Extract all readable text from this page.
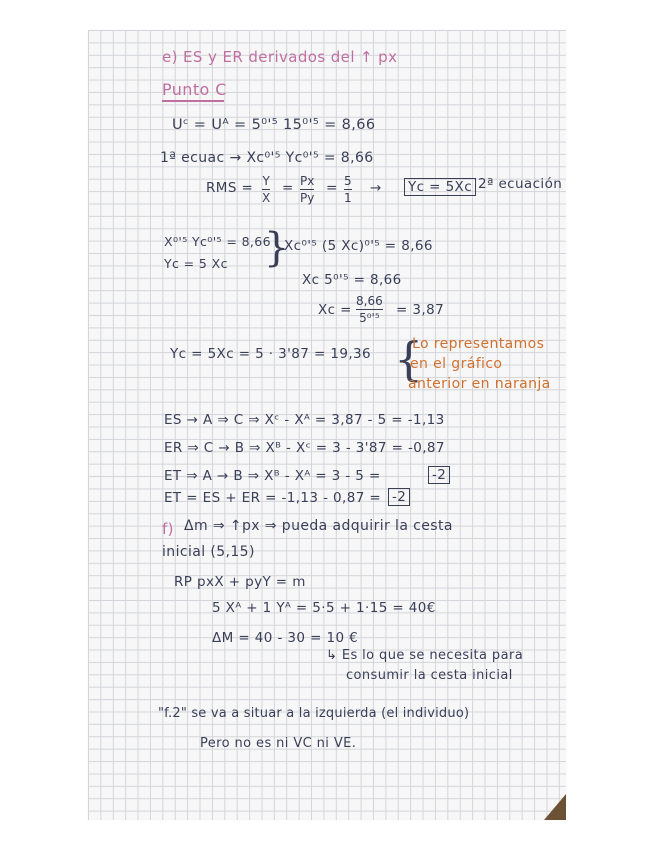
e) ES y ER derivados del ↑ px
Punto C
Uᶜ = Uᴬ = 5⁰'⁵ 15⁰'⁵ = 8,66
1ª ecuac → Xc⁰'⁵ Yc⁰'⁵ = 8,66
RMS = Y
X
= Px
Py
= 5
1
→ Yc = 5Xc 2ª ecuación
X⁰'⁵ Yc⁰'⁵ = 8,66
Yc = 5 Xc }
Xc⁰'⁵ (5 Xc)⁰'⁵ = 8,66
Xc 5⁰'⁵ = 8,66
Xc =
8,66
5⁰'⁵ = 3,87
Yc = 5Xc = 5 · 3'87 = 19,36 {
Lo representamos
en el gráfico
anterior en naranja
ES → A ⇒ C ⇒ Xᶜ - Xᴬ = 3,87 - 5 = -1,13
ER ⇒ C → B ⇒ Xᴮ - Xᶜ = 3 - 3'87 = -0,87
ET ⇒ A → B ⇒ Xᴮ - Xᴬ = 3 - 5 =	-2
ET = ES + ER = -1,13 - 0,87 = -2
f) Δm ⇒ ↑px ⇒ pueda adquirir la cesta
inicial (5,15)
RP pxX + pyY = m
5 Xᴬ + 1 Yᴬ = 5·5 + 1·15 = 40€
ΔM = 40 - 30 = 10 €
↳ Es lo que se necesita para
consumir la cesta inicial
"f.2" se va a situar a la izquierda (el individuo)
Pero no es ni VC ni VE.
